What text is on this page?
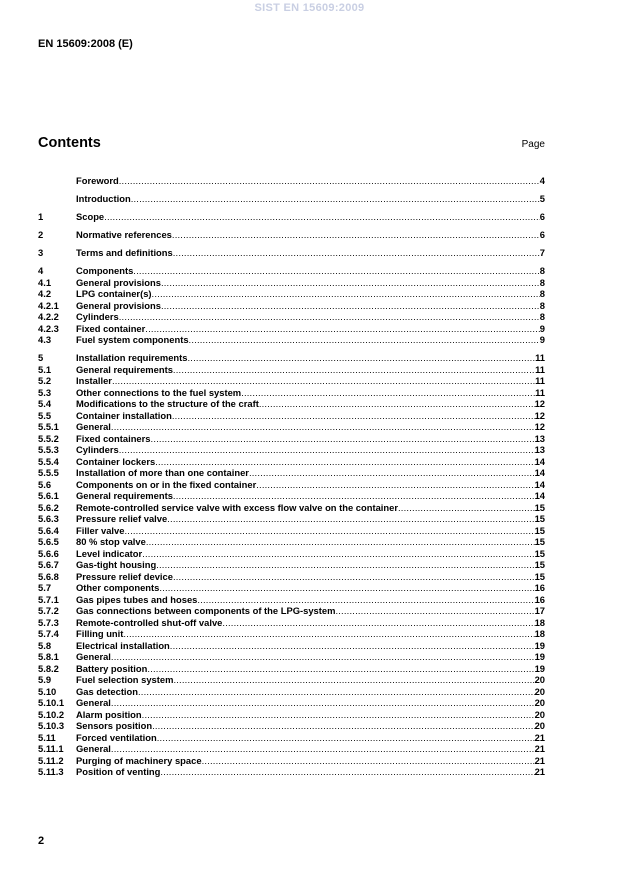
SIST EN 15609:2009
EN 15609:2008 (E)
Contents	Page
Foreword .....	4
Introduction .....	5
1	Scope .....	6
2	Normative references .....	6
3	Terms and definitions .....	7
4	Components .....	8
4.1	General provisions .....	8
4.2	LPG container(s) .....	8
4.2.1	General provisions .....	8
4.2.2	Cylinders .....	8
4.2.3	Fixed container .....	9
4.3	Fuel system components .....	9
5	Installation requirements .....	11
5.1	General requirements .....	11
5.2	Installer .....	11
5.3	Other connections to the fuel system .....	11
5.4	Modifications to the structure of the craft .....	12
5.5	Container installation .....	12
5.5.1	General .....	12
5.5.2	Fixed containers .....	13
5.5.3	Cylinders .....	13
5.5.4	Container lockers .....	14
5.5.5	Installation of more than one container .....	14
5.6	Components on or in the fixed container .....	14
5.6.1	General requirements .....	14
5.6.2	Remote-controlled service valve with excess flow valve on the container .....	15
5.6.3	Pressure relief valve .....	15
5.6.4	Filler valve .....	15
5.6.5	80 % stop valve .....	15
5.6.6	Level indicator .....	15
5.6.7	Gas-tight housing .....	15
5.6.8	Pressure relief device .....	15
5.7	Other components .....	16
5.7.1	Gas pipes tubes and hoses .....	16
5.7.2	Gas connections between components of the LPG-system .....	17
5.7.3	Remote-controlled shut-off valve .....	18
5.7.4	Filling unit .....	18
5.8	Electrical installation .....	19
5.8.1	General .....	19
5.8.2	Battery position .....	19
5.9	Fuel selection system .....	20
5.10	Gas detection .....	20
5.10.1	General .....	20
5.10.2	Alarm position .....	20
5.10.3	Sensors position .....	20
5.11	Forced ventilation .....	21
5.11.1	General .....	21
5.11.2	Purging of machinery space .....	21
5.11.3	Position of venting .....	21
2
